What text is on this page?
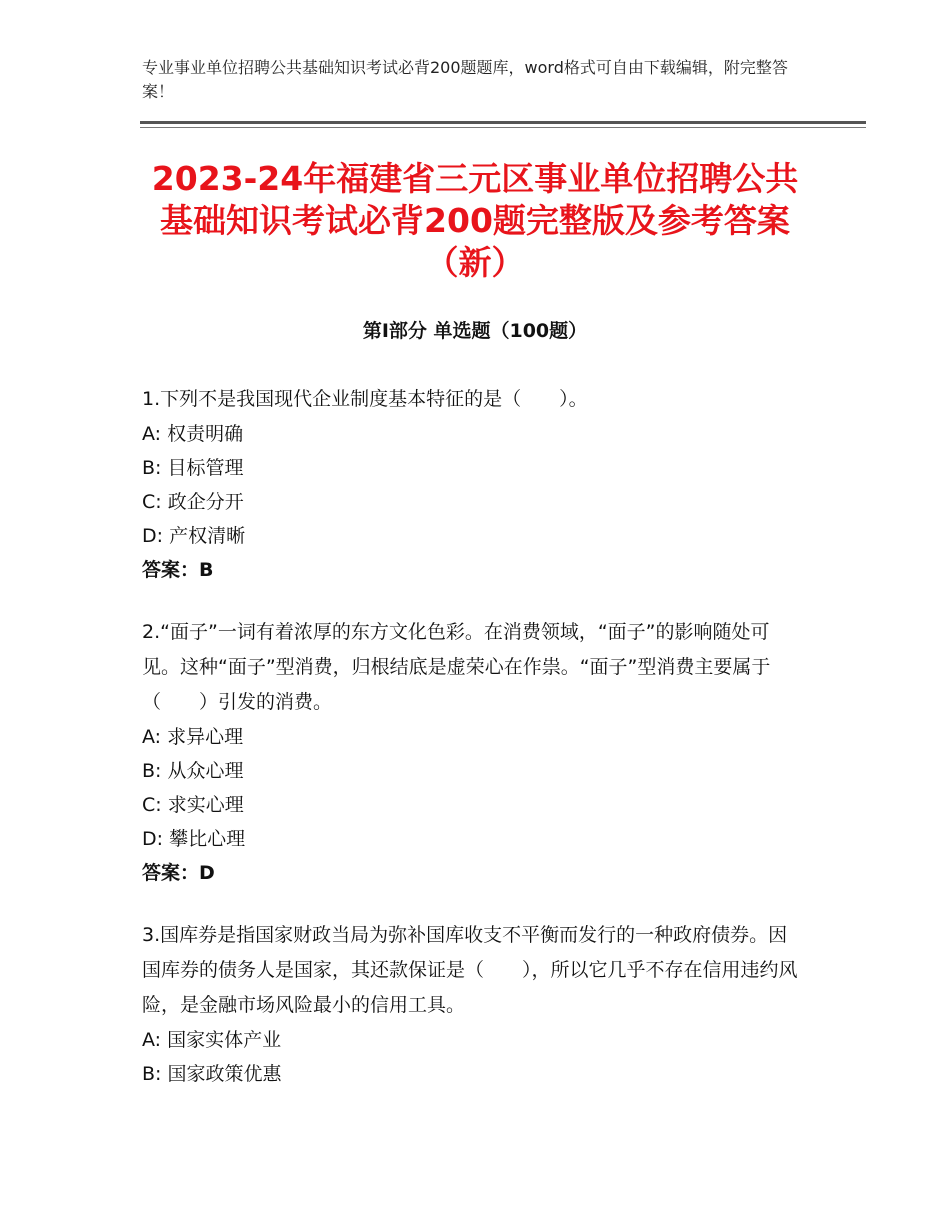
专业事业单位招聘公共基础知识考试必背200题题库，word格式可自由下载编辑，附完整答案！
2023-24年福建省三元区事业单位招聘公共基础知识考试必背200题完整版及参考答案（新）
第Ⅰ部分 单选题（100题）

1.下列不是我国现代企业制度基本特征的是（　　）。

A: 权责明确

B: 目标管理

C: 政企分开

D: 产权清晰

答案：B

2.“面子”一词有着浓厚的东方文化色彩。在消费领域，“面子”的影响随处可见。这种“面子”型消费，归根结底是虚荣心在作祟。“面子”型消费主要属于（　　）引发的消费。

A: 求异心理

B: 从众心理

C: 求实心理

D: 攀比心理

答案：D

3.国库券是指国家财政当局为弥补国库收支不平衡而发行的一种政府债券。因国库券的债务人是国家，其还款保证是（　　），所以它几乎不存在信用违约风险，是金融市场风险最小的信用工具。

A: 国家实体产业

B: 国家政策优惠
